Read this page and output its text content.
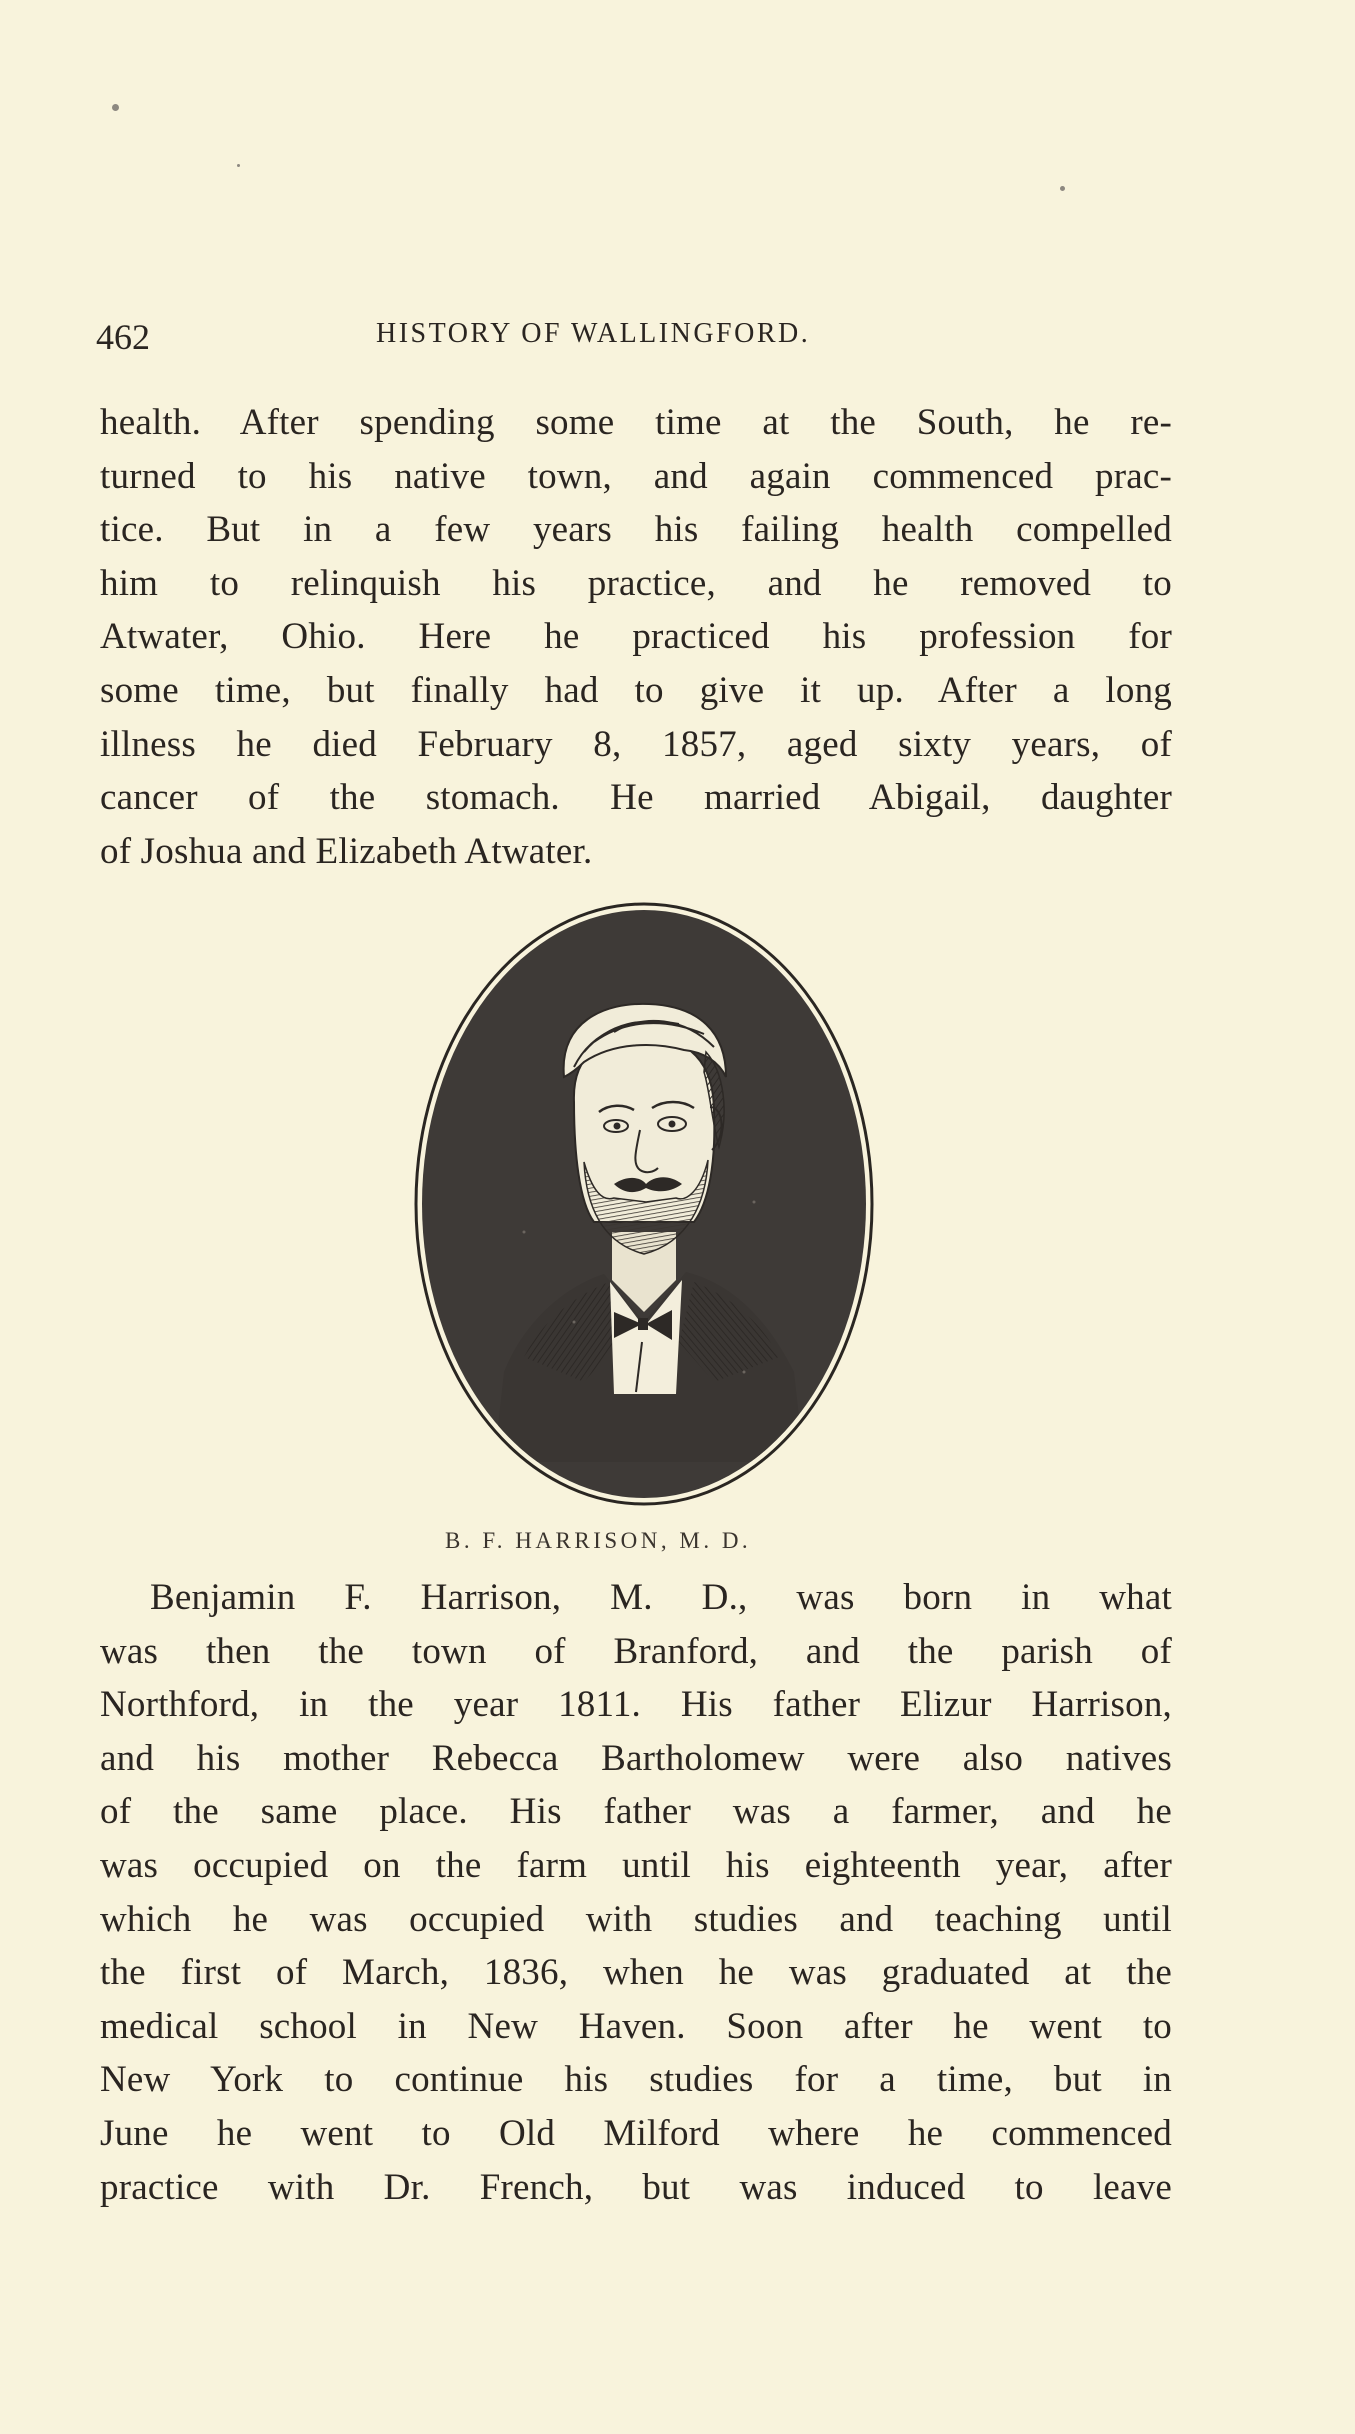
462	HISTORY OF WALLINGFORD.
health. After spending some time at the South, he re-
turned to his native town, and again commenced prac-
tice. But in a few years his failing health compelled
him to relinquish his practice, and he removed to
Atwater, Ohio. Here he practiced his profession for
some time, but finally had to give it up. After a long
illness he died February 8, 1857, aged sixty years, of
cancer of the stomach. He married Abigail, daughter
of Joshua and Elizabeth Atwater.
B. F. HARRISON, M. D.
Benjamin F. Harrison, M. D., was born in what
was then the town of Branford, and the parish of
Northford, in the year 1811. His father Elizur Harrison,
and his mother Rebecca Bartholomew were also natives
of the same place. His father was a farmer, and he
was occupied on the farm until his eighteenth year, after
which he was occupied with studies and teaching until
the first of March, 1836, when he was graduated at the
medical school in New Haven. Soon after he went to
New York to continue his studies for a time, but in
June he went to Old Milford where he commenced
practice with Dr. French, but was induced to leave
